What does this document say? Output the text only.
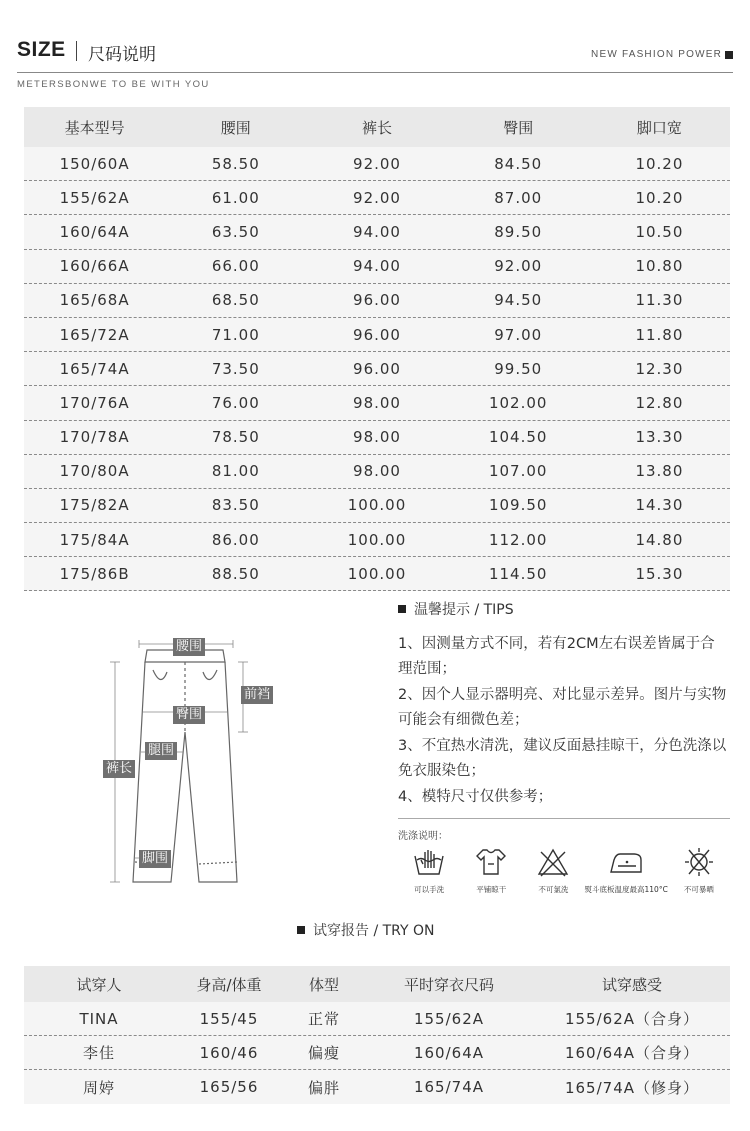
SIZE 尺码说明	NEW FASHION POWER
METERSBONWE TO BE WITH YOU
基本型号	腰围	裤长	臀围	脚口宽
150/60A	58.50	92.00	84.50	10.20
155/62A	61.00	92.00	87.00	10.20
160/64A	63.50	94.00	89.50	10.50
160/66A	66.00	94.00	92.00	10.80
165/68A	68.50	96.00	94.50	11.30
165/72A	71.00	96.00	97.00	11.80
165/74A	73.50	96.00	99.50	12.30
170/76A	76.00	98.00	102.00	12.80
170/78A	78.50	98.00	104.50	13.30
170/80A	81.00	98.00	107.00	13.80
175/82A	83.50	100.00	109.50	14.30
175/84A	86.00	100.00	112.00	14.80
175/86B	88.50	100.00	114.50	15.30
腰围
前裆
臀围
腿围
裤长
脚围
温馨提示 / TIPS

1、因测量方式不同，若有2CM左右误差皆属于合理范围；

2、因个人显示器明亮、对比显示差异。图片与实物可能会有细微色差；

3、不宜热水清洗，建议反面悬挂晾干，分色洗涤以免衣服染色；

4、模特尺寸仅供参考；

洗涤说明：
可以手洗	平铺晾干	不可氯洗 熨斗底板温度最高110°C 不可暴晒
试穿报告 / TRY ON
试穿人	身高/体重	体型	平时穿衣尺码	试穿感受
TINA	155/45	正常	155/62A	155/62A（合身）
李佳	160/46	偏瘦	160/64A	160/64A（合身）
周婷	165/56	偏胖	165/74A	165/74A（修身）
